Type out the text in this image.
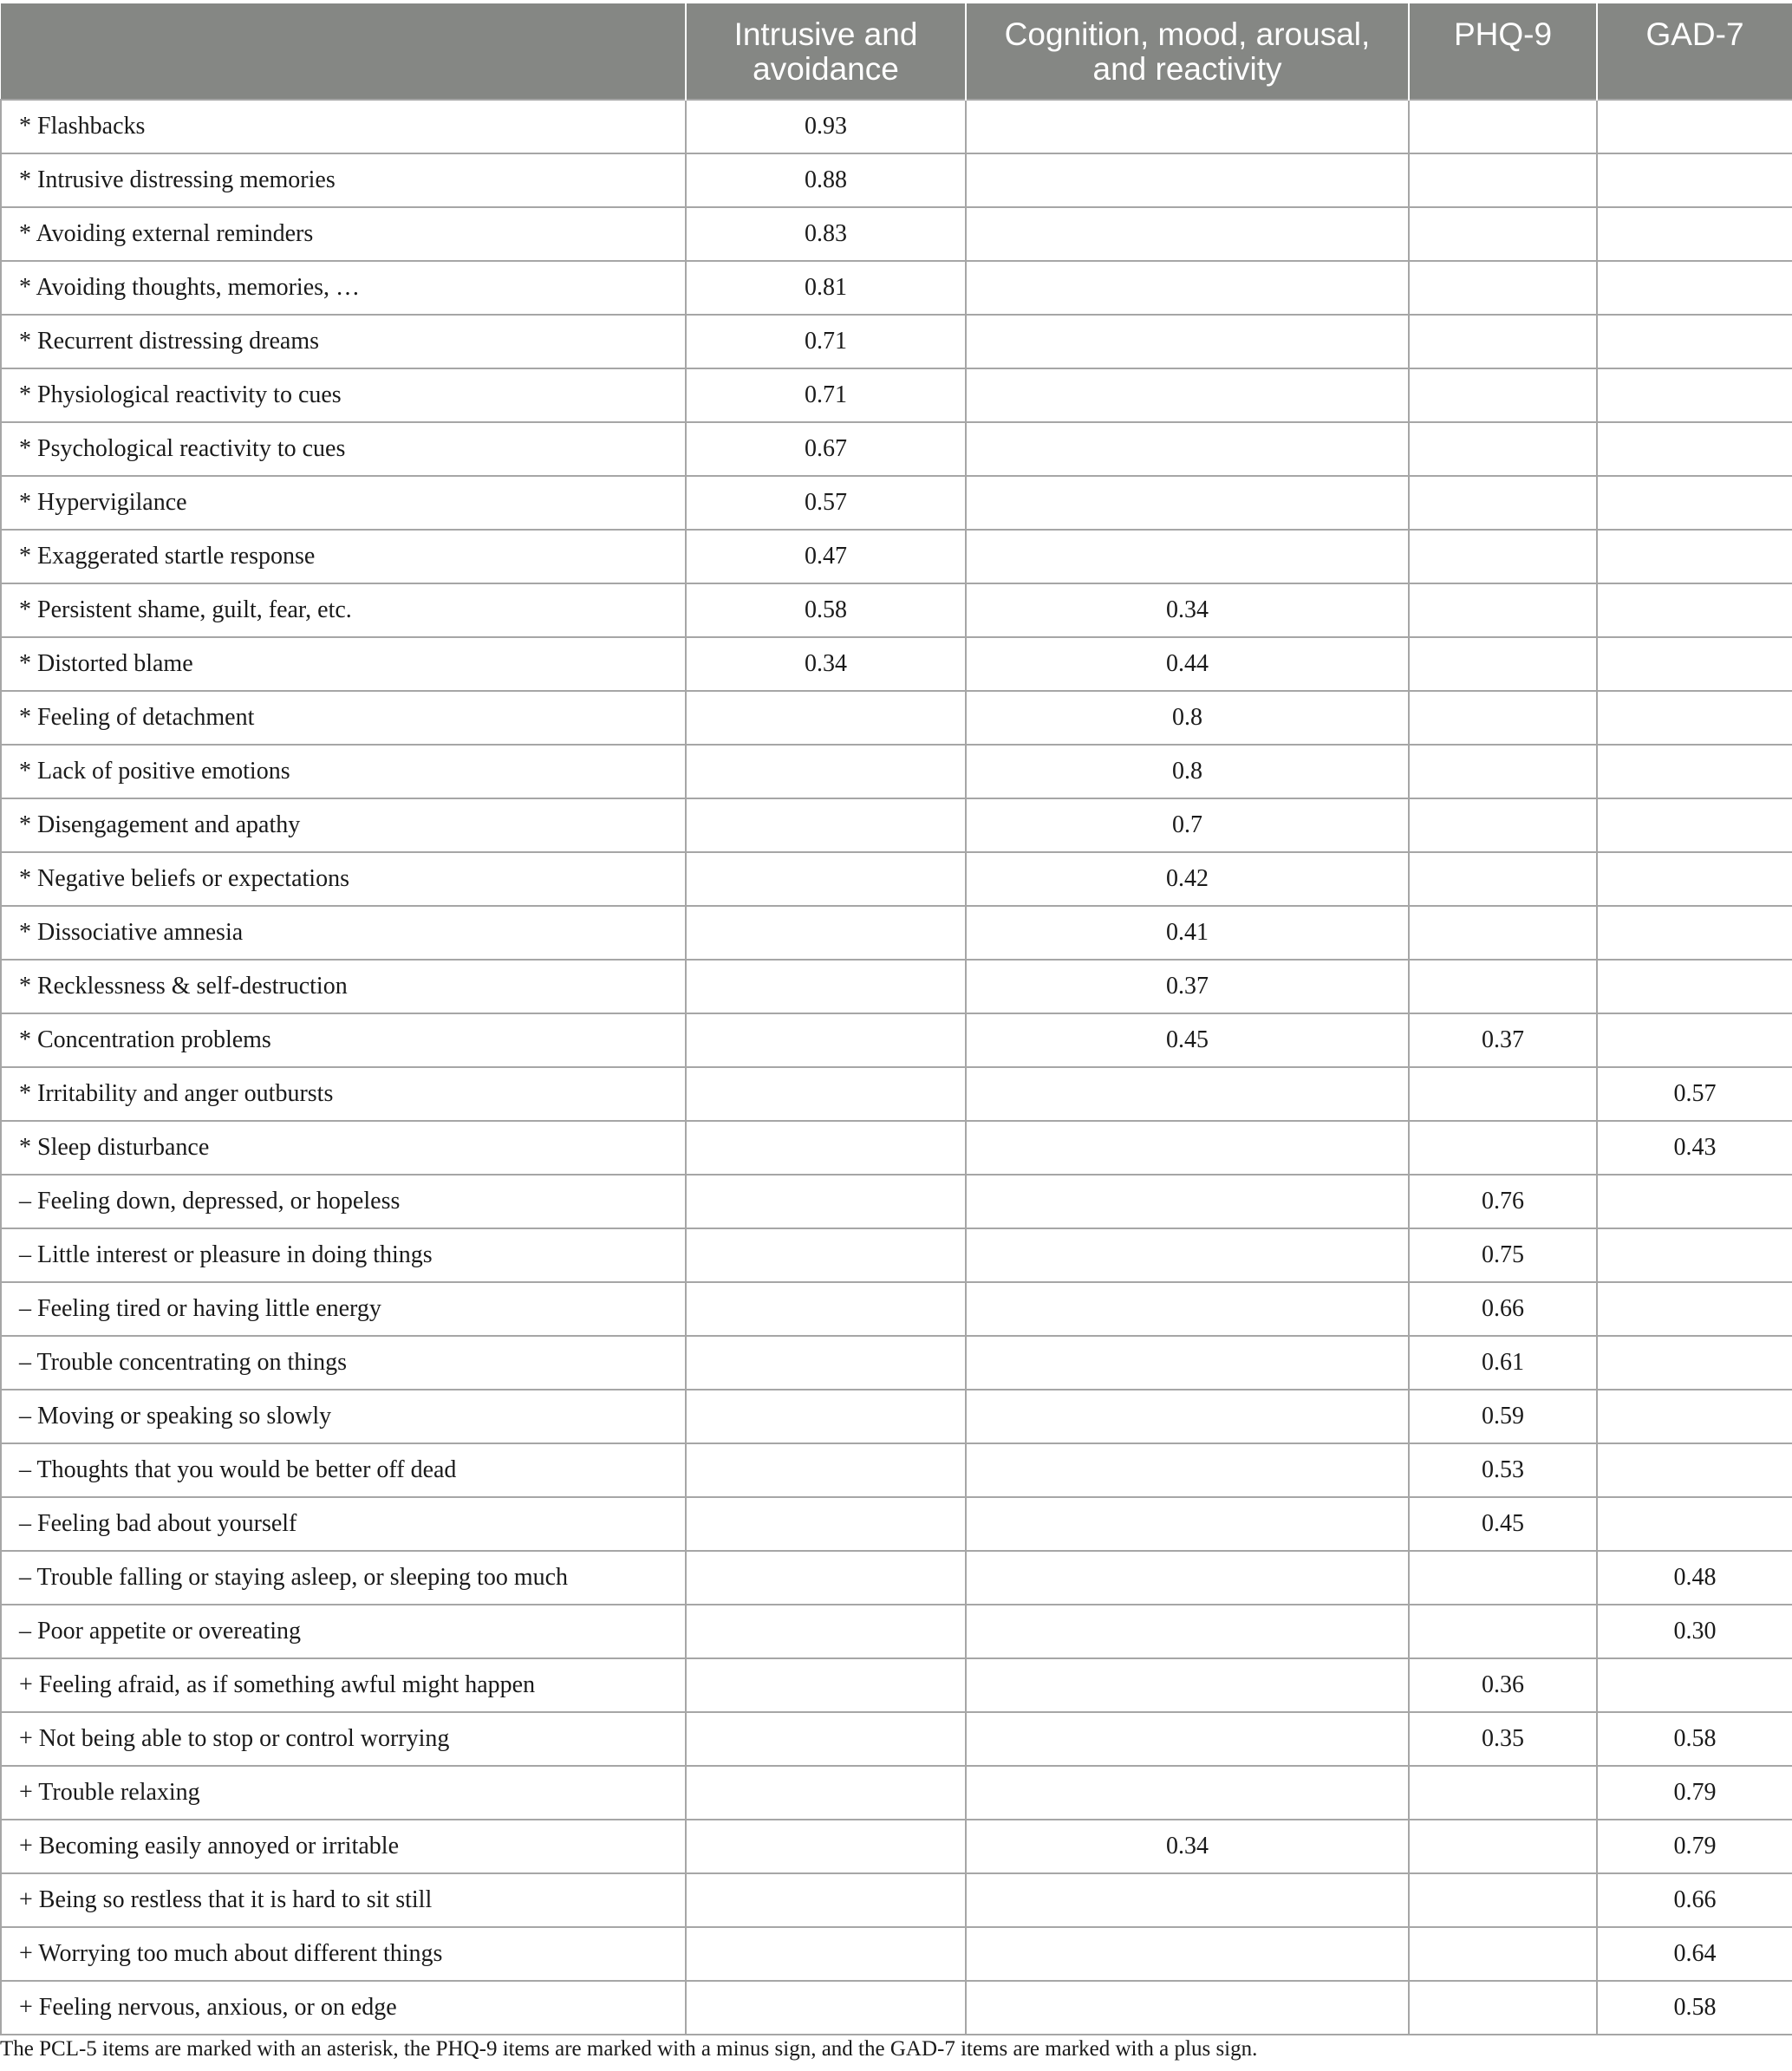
	Intrusive and avoidance	Cognition, mood, arousal, and reactivity	PHQ-9	GAD-7
* Flashbacks	0.93			
* Intrusive distressing memories	0.88			
* Avoiding external reminders	0.83			
* Avoiding thoughts, memories, …	0.81			
* Recurrent distressing dreams	0.71			
* Physiological reactivity to cues	0.71			
* Psychological reactivity to cues	0.67			
* Hypervigilance	0.57			
* Exaggerated startle response	0.47			
* Persistent shame, guilt, fear, etc.	0.58	0.34		
* Distorted blame	0.34	0.44		
* Feeling of detachment		0.8		
* Lack of positive emotions		0.8		
* Disengagement and apathy		0.7		
* Negative beliefs or expectations		0.42		
* Dissociative amnesia		0.41		
* Recklessness & self-destruction		0.37		
* Concentration problems		0.45	0.37	
* Irritability and anger outbursts				0.57
* Sleep disturbance				0.43
– Feeling down, depressed, or hopeless			0.76	
– Little interest or pleasure in doing things			0.75	
– Feeling tired or having little energy			0.66	
– Trouble concentrating on things			0.61	
– Moving or speaking so slowly			0.59	
– Thoughts that you would be better off dead			0.53	
– Feeling bad about yourself			0.45	
– Trouble falling or staying asleep, or sleeping too much				0.48
– Poor appetite or overeating				0.30
+ Feeling afraid, as if something awful might happen			0.36	
+ Not being able to stop or control worrying			0.35	0.58
+ Trouble relaxing				0.79
+ Becoming easily annoyed or irritable		0.34		0.79
+ Being so restless that it is hard to sit still				0.66
+ Worrying too much about different things				0.64
+ Feeling nervous, anxious, or on edge				0.58
The PCL-5 items are marked with an asterisk, the PHQ-9 items are marked with a minus sign, and the GAD-7 items are marked with a plus sign.
